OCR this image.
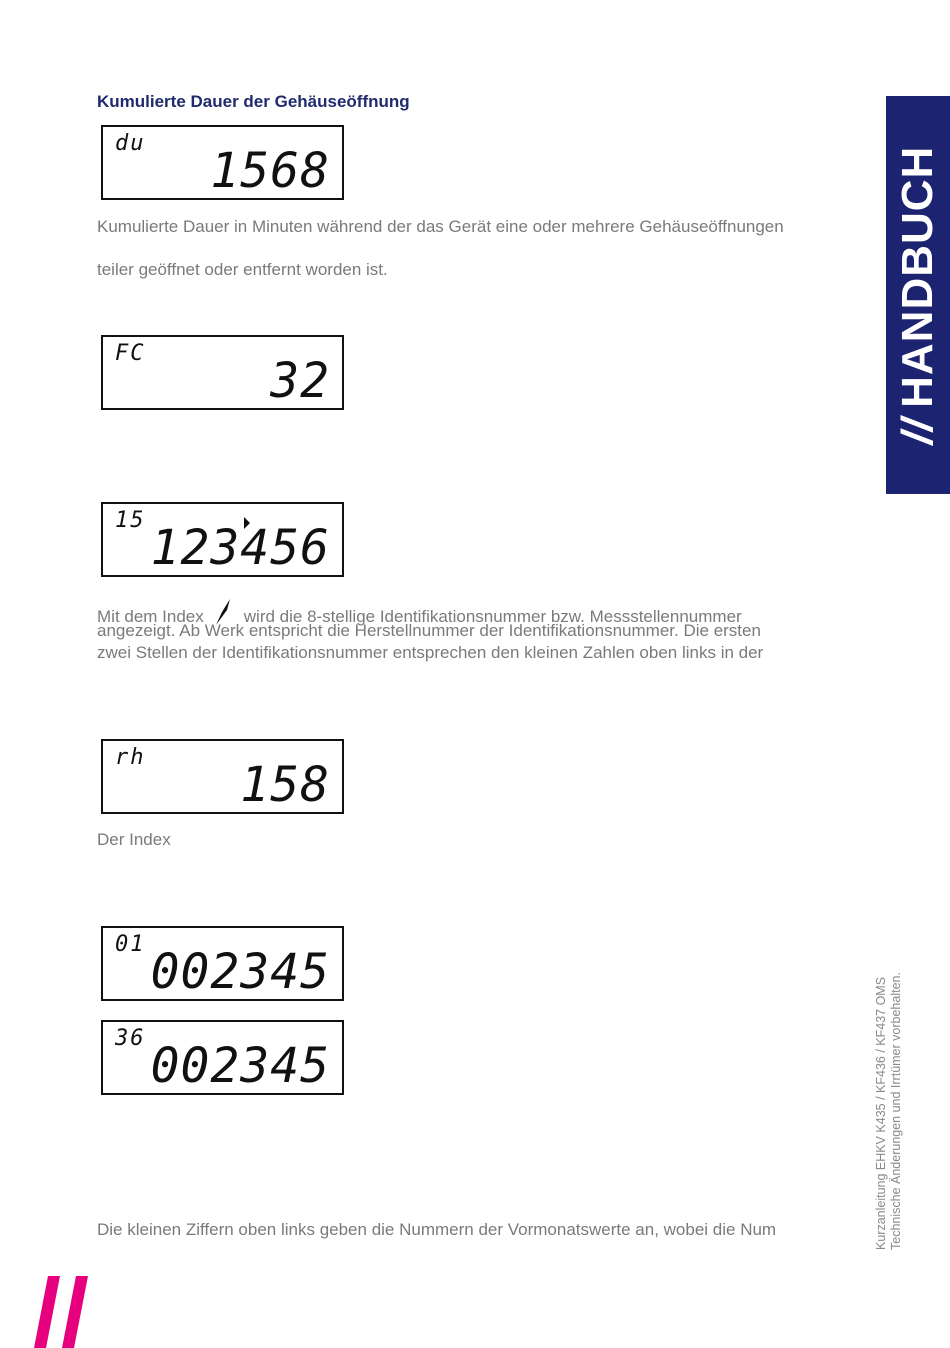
Kumulierte Dauer der Gehäuseöffnung
du 1568
Kumulierte Dauer in Minuten während der das Gerät eine oder mehrere Gehäuseöffnungen
teiler geöffnet oder entfernt worden ist.
FC	32
15 123456
Mit dem Index wird die 8-stellige Identifikationsnummer bzw. Messstellennummer
angezeigt. Ab Werk entspricht die Herstellnummer der Identifikationsnummer. Die ersten
zwei Stellen der Identifikationsnummer entsprechen den kleinen Zahlen oben links in der
rh 158
Der Index
01 002345
36 002345
Die kleinen Ziffern oben links geben die Nummern der Vormonatswerte an, wobei die Num
//HANDBUCH
Kurzanleitung EHKV K435 / KF436 / KF437 OMS Technische Änderungen und Irrtümer vorbehalten.
